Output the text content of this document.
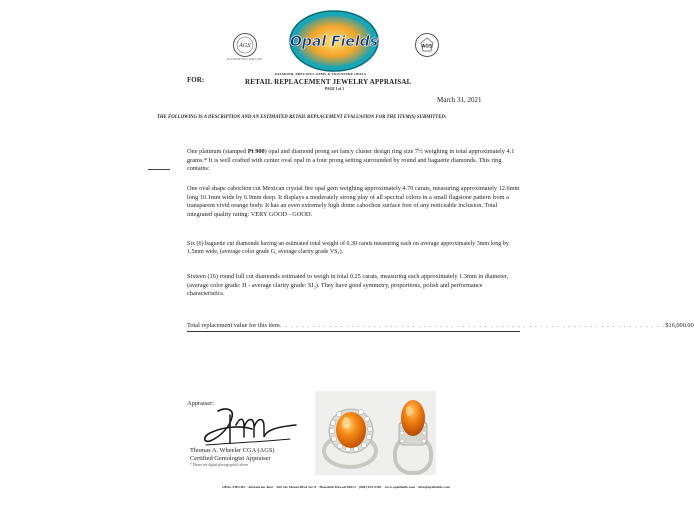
Opal Fields
AGS
ACCREDITED GEM LAB
AGS
DIAMOND, PRECIOUS GEMS & SIGNATURE OPALS
FOR:	RETAIL REPLACEMENT JEWELRY APPRAISAL
PAGE 1 of 1
March 31, 2021
THE FOLLOWING IS A DESCRIPTION AND AN ESTIMATED RETAIL REPLACEMENT EVALUATION FOR THE ITEM(S) SUBMITTED:
One platinum (stamped Pt 900) opal and diamond prong set fancy cluster design ring size 7½ weighing in total approximately 4.1 grams.* It is well crafted with center oval opal in a four prong setting surrounded by round and baguette diamonds. This ring contains:
One oval shape cabochon cut Mexican crystal fire opal gem weighing approximately 4.70 carats, measuring approximately 12.6mm long 10.1mm wide by 6.9mm deep. It displays a moderately strong play of all spectral colors in a small flagstone pattern from a transparent vivid orange body. It has an even extremely high dome cabochon surface free of any noticeable inclusion. Total integrated quality rating: VERY GOOD - GOOD.
Six (6) baguette cut diamonds having an estimated total weight of 0.30 carats measuring each on average approximately 3mm long by 1.5mm wide, (average color grade G, average clarity grade VS₂).
Sixteen (16) round full cut diamonds estimated to weigh in total 0.25 carats, measuring each approximately 1.3mm in diameter, (average color grade: H - average clarity grade: SI₂). They have good symmetry, proportions, polish and performance characteristics.
Total replacement value for this item . . . . . . . . . . . . . . . . . . . . . . . . . . . . . . . . . . . . . . . . . . . . . . . . . . . . . . . . . . . . . . . . . . . . . . $16,000.00
Appraiser:
Thomas A. Wheeler CGA (AGS)
Certified Gemologist Appraiser
* Please see digital photograph(s) above
OPAL FIELDS · Restaurant Row · 560 Six Mount Blvd Ste N · Honolulu Hawaii 96813 · (808) 955-9382 · www.opalfields.com · info@opalfields.com
